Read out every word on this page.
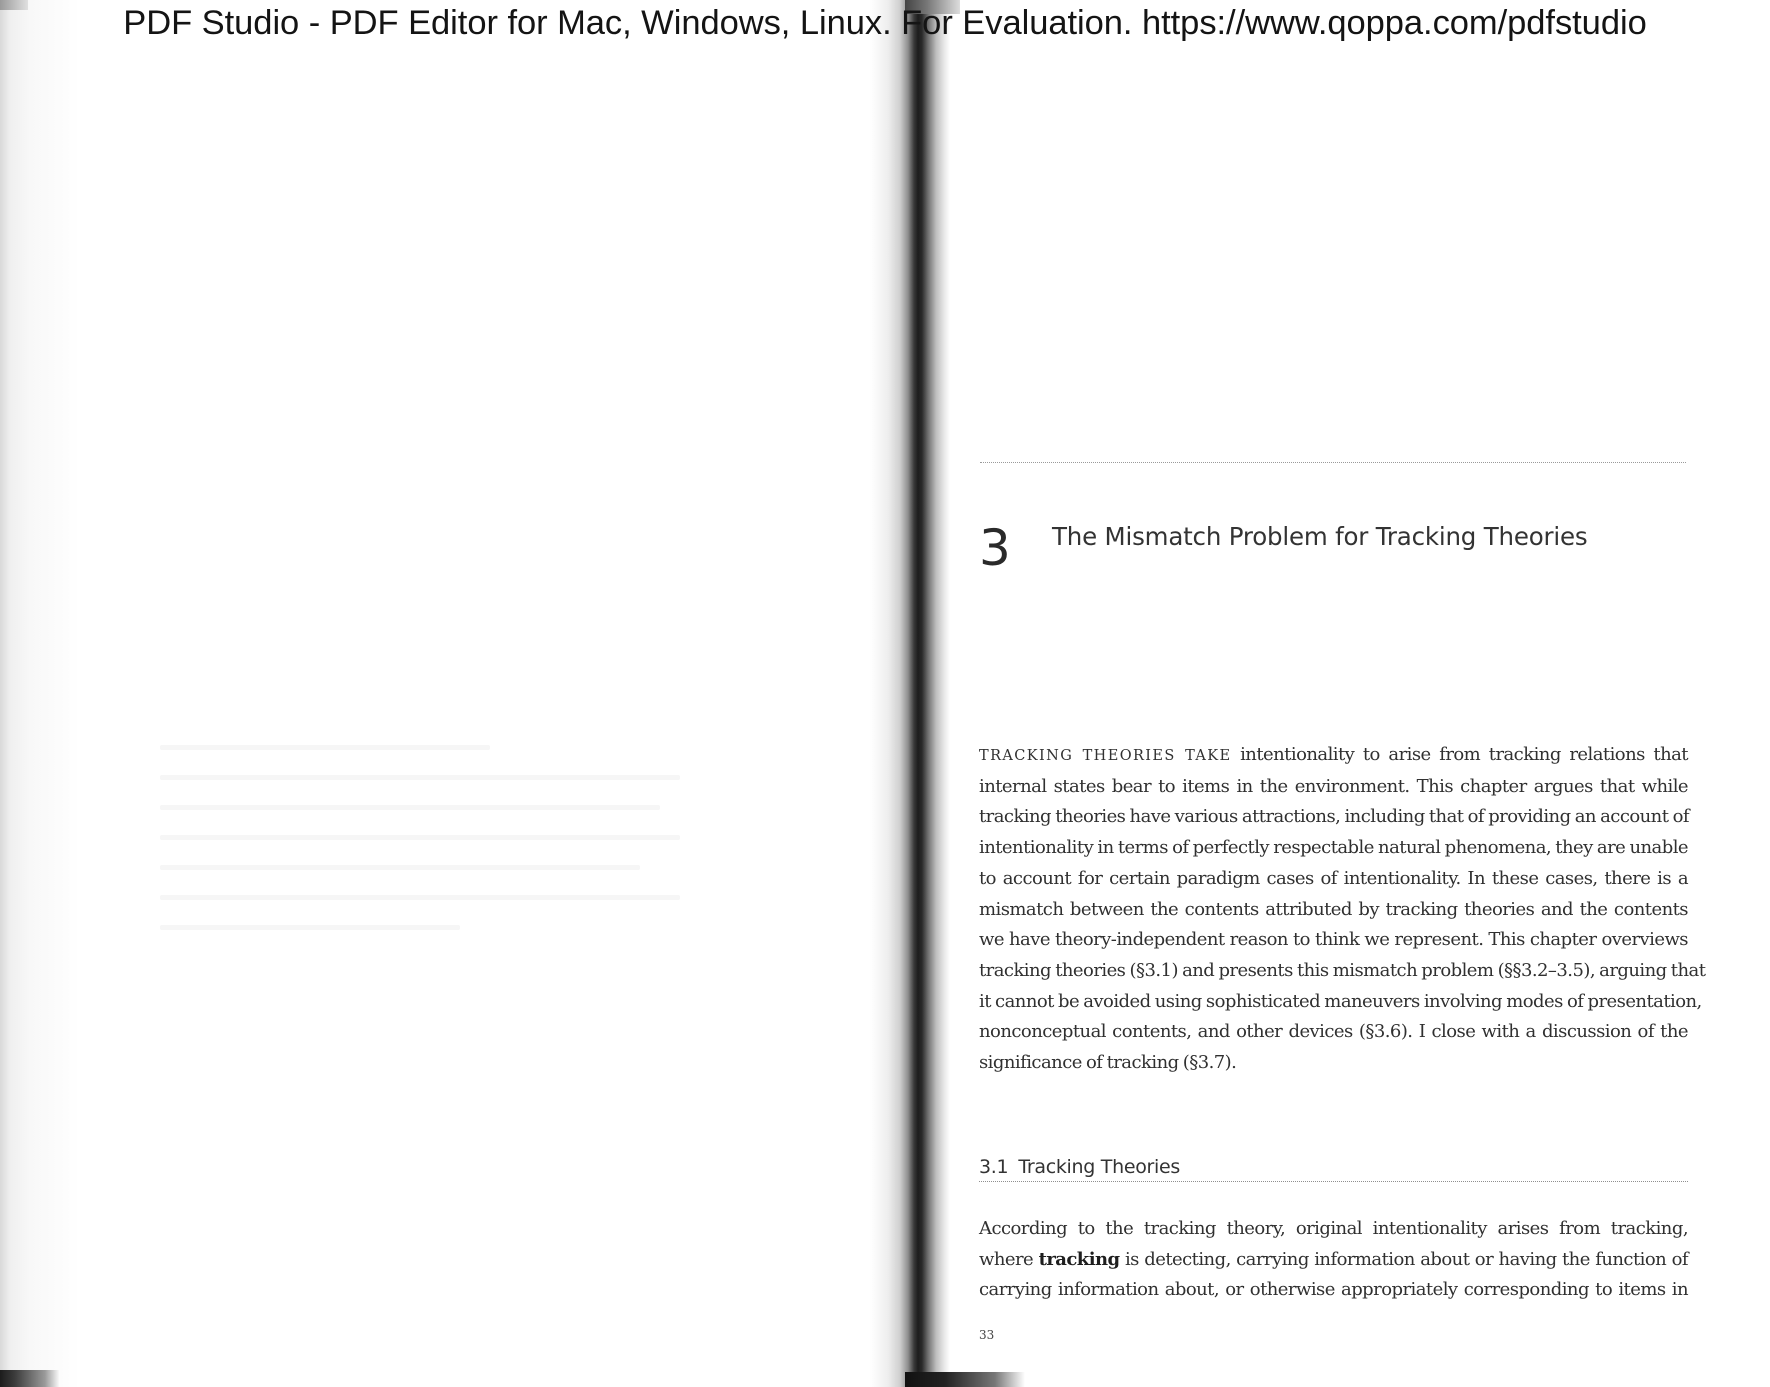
PDF Studio - PDF Editor for Mac, Windows, Linux. For Evaluation. https://www.qoppa.com/pdfstudio
3 The Mismatch Problem for Tracking Theories
TRACKING THEORIES TAKE intentionality to arise from tracking relations that
internal states bear to items in the environment. This chapter argues that while
tracking theories have various attractions, including that of providing an account of
intentionality in terms of perfectly respectable natural phenomena, they are unable
to account for certain paradigm cases of intentionality. In these cases, there is a
mismatch between the contents attributed by tracking theories and the contents
we have theory-independent reason to think we represent. This chapter overviews
tracking theories (§3.1) and presents this mismatch problem (§§3.2–3.5), arguing that
it cannot be avoided using sophisticated maneuvers involving modes of presentation,
nonconceptual contents, and other devices (§3.6). I close with a discussion of the
significance of tracking (§3.7).
3.1 Tracking Theories
According to the tracking theory, original intentionality arises from tracking,
where tracking is detecting, carrying information about or having the function of
carrying information about, or otherwise appropriately corresponding to items in
33
